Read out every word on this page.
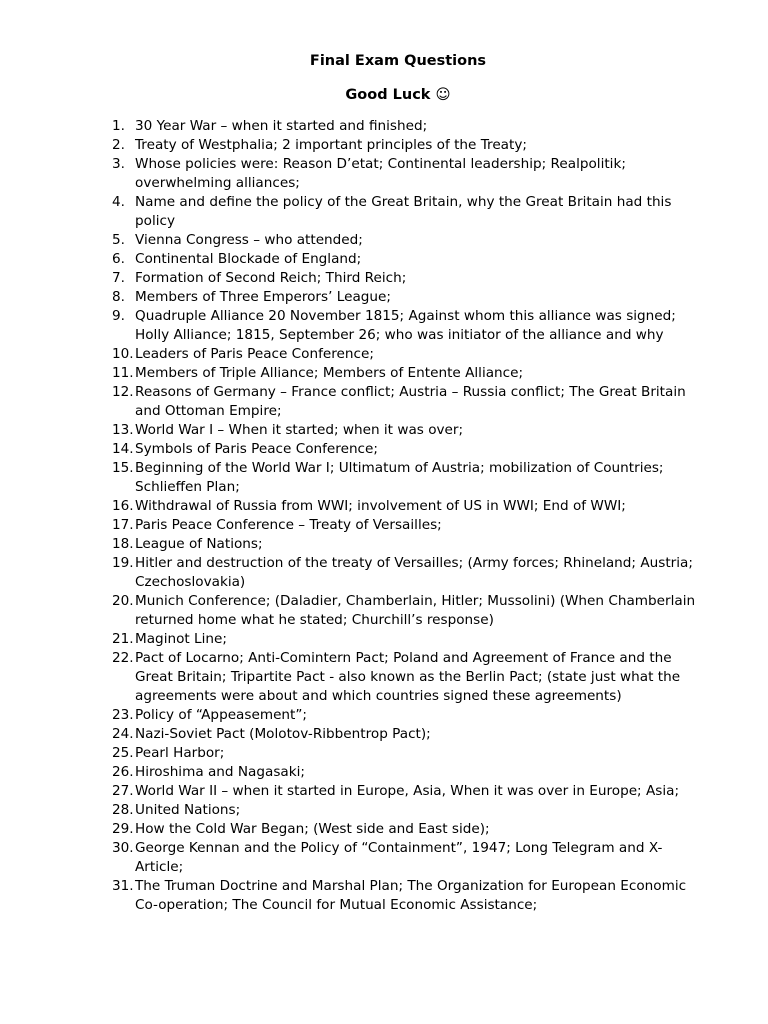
Final Exam Questions
Good Luck ☺
1. 30 Year War – when it started and finished;
2. Treaty of Westphalia; 2 important principles of the Treaty;
3. Whose policies were: Reason D’etat; Continental leadership; Realpolitik; overwhelming alliances;
4. Name and define the policy of the Great Britain, why the Great Britain had this policy
5. Vienna Congress – who attended;
6. Continental Blockade of England;
7. Formation of Second Reich; Third Reich;
8. Members of Three Emperors’ League;
9. Quadruple Alliance 20 November 1815; Against whom this alliance was signed; Holly Alliance; 1815, September 26; who was initiator of the alliance and why
10. Leaders of Paris Peace Conference;
11. Members of Triple Alliance; Members of Entente Alliance;
12. Reasons of Germany – France conflict; Austria – Russia conflict; The Great Britain and Ottoman Empire;
13. World War I – When it started; when it was over;
14. Symbols of Paris Peace Conference;
15. Beginning of the World War I; Ultimatum of Austria; mobilization of Countries; Schlieffen Plan;
16. Withdrawal of Russia from WWI; involvement of US in WWI; End of WWI;
17. Paris Peace Conference – Treaty of Versailles;
18. League of Nations;
19. Hitler and destruction of the treaty of Versailles; (Army forces; Rhineland; Austria; Czechoslovakia)
20. Munich Conference; (Daladier, Chamberlain, Hitler; Mussolini) (When Chamberlain returned home what he stated; Churchill’s response)
21. Maginot Line;
22. Pact of Locarno; Anti-Comintern Pact; Poland and Agreement of France and the Great Britain; Tripartite Pact - also known as the Berlin Pact; (state just what the agreements were about and which countries signed these agreements)
23. Policy of “Appeasement”;
24. Nazi-Soviet Pact (Molotov-Ribbentrop Pact);
25. Pearl Harbor;
26. Hiroshima and Nagasaki;
27. World War II – when it started in Europe, Asia, When it was over in Europe; Asia;
28. United Nations;
29. How the Cold War Began; (West side and East side);
30. George Kennan and the Policy of “Containment”, 1947; Long Telegram and X-Article;
31. The Truman Doctrine and Marshal Plan; The Organization for European Economic Co-operation; The Council for Mutual Economic Assistance;
